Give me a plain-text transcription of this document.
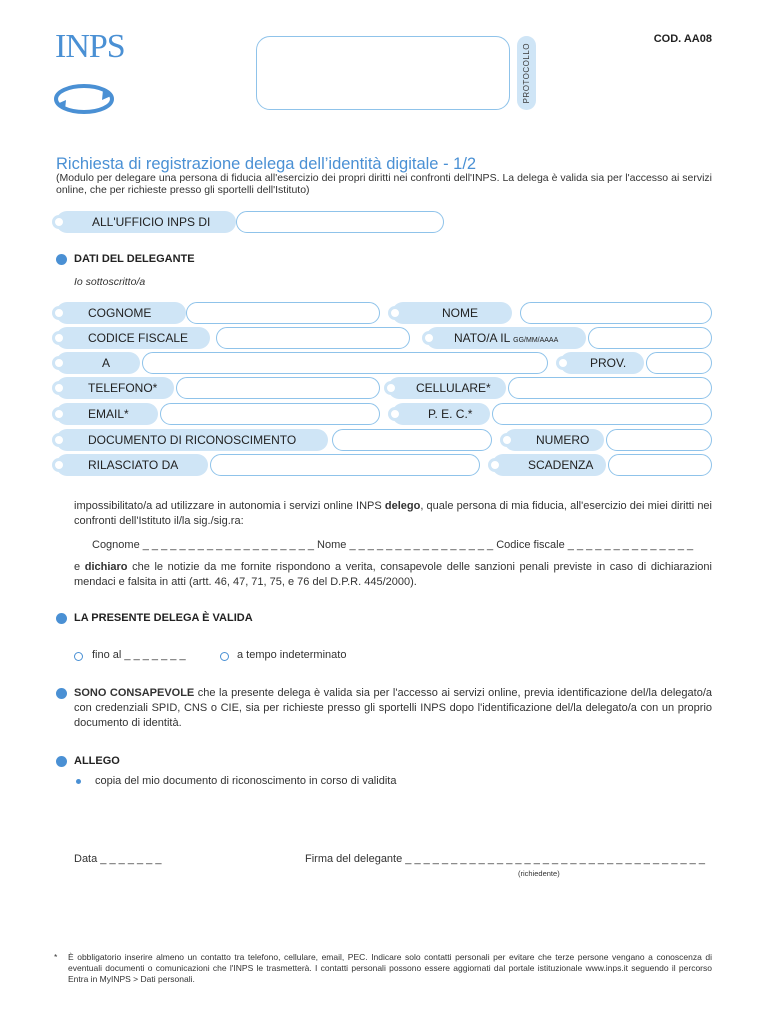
INPS	PROTOCOLLO
COD. AA08
Richiesta di registrazione delega dell’identità digitale - 1/2
(Modulo per delegare una persona di fiducia all'esercizio dei propri diritti nei confronti dell'INPS. La delega è valida sia per l'accesso ai servizi online, che per richieste presso gli sportelli dell'Istituto)
ALL'UFFICIO INPS DI
DATI DEL DELEGANTE
Io sottoscritto/a
COGNOME	NOME
CODICE FISCALE	NATO/A IL GG/MM/AAAA
A	PROV.
TELEFONO*	CELLULARE*
EMAIL*	P. E. C.*
DOCUMENTO DI RICONOSCIMENTO	NUMERO
RILASCIATO DA	SCADENZA
impossibilitato/a ad utilizzare in autonomia i servizi online INPS delego, quale persona di mia fiducia, all'esercizio dei miei diritti nei confronti dell'Istituto il/la sig./sig.ra:
Cognome _ _ _ _ _ _ _ _ _ _ _ _ _ _ _ _ _ _ _ Nome _ _ _ _ _ _ _ _ _ _ _ _ _ _ _ _ Codice fiscale _ _ _ _ _ _ _ _ _ _ _ _ _ _
e dichiaro che le notizie da me fornite rispondono a verita, consapevole delle sanzioni penali previste in caso di dichiarazioni mendaci e falsita in atti (artt. 46, 47, 71, 75, e 76 del D.P.R. 445/2000).
LA PRESENTE DELEGA È VALIDA
fino al _ _ _ _ _ _ _	a tempo indeterminato
SONO CONSAPEVOLE che la presente delega è valida sia per l'accesso ai servizi online, previa identificazione del/la delegato/a con credenziali SPID, CNS o CIE, sia per richieste presso gli sportelli INPS dopo l'identificazione del/la delegato/a con un proprio documento di identità.
ALLEGO
copia del mio documento di riconoscimento in corso di validita
Data _ _ _ _ _ _ _	Firma del delegante _ _ _ _ _ _ _ _ _ _ _ _ _ _ _ _ _ _ _ _ _ _ _ _ _ _ _ _ _ _ _ _ _
(richiedente)
* È obbligatorio inserire almeno un contatto tra telefono, cellulare, email, PEC. Indicare solo contatti personali per evitare che terze persone vengano a conoscenza di eventuali documenti o comunicazioni che l'INPS le trasmetterà. I contatti personali possono essere aggiornati dal portale istituzionale www.inps.it seguendo il percorso Entra in MyINPS > Dati personali.
